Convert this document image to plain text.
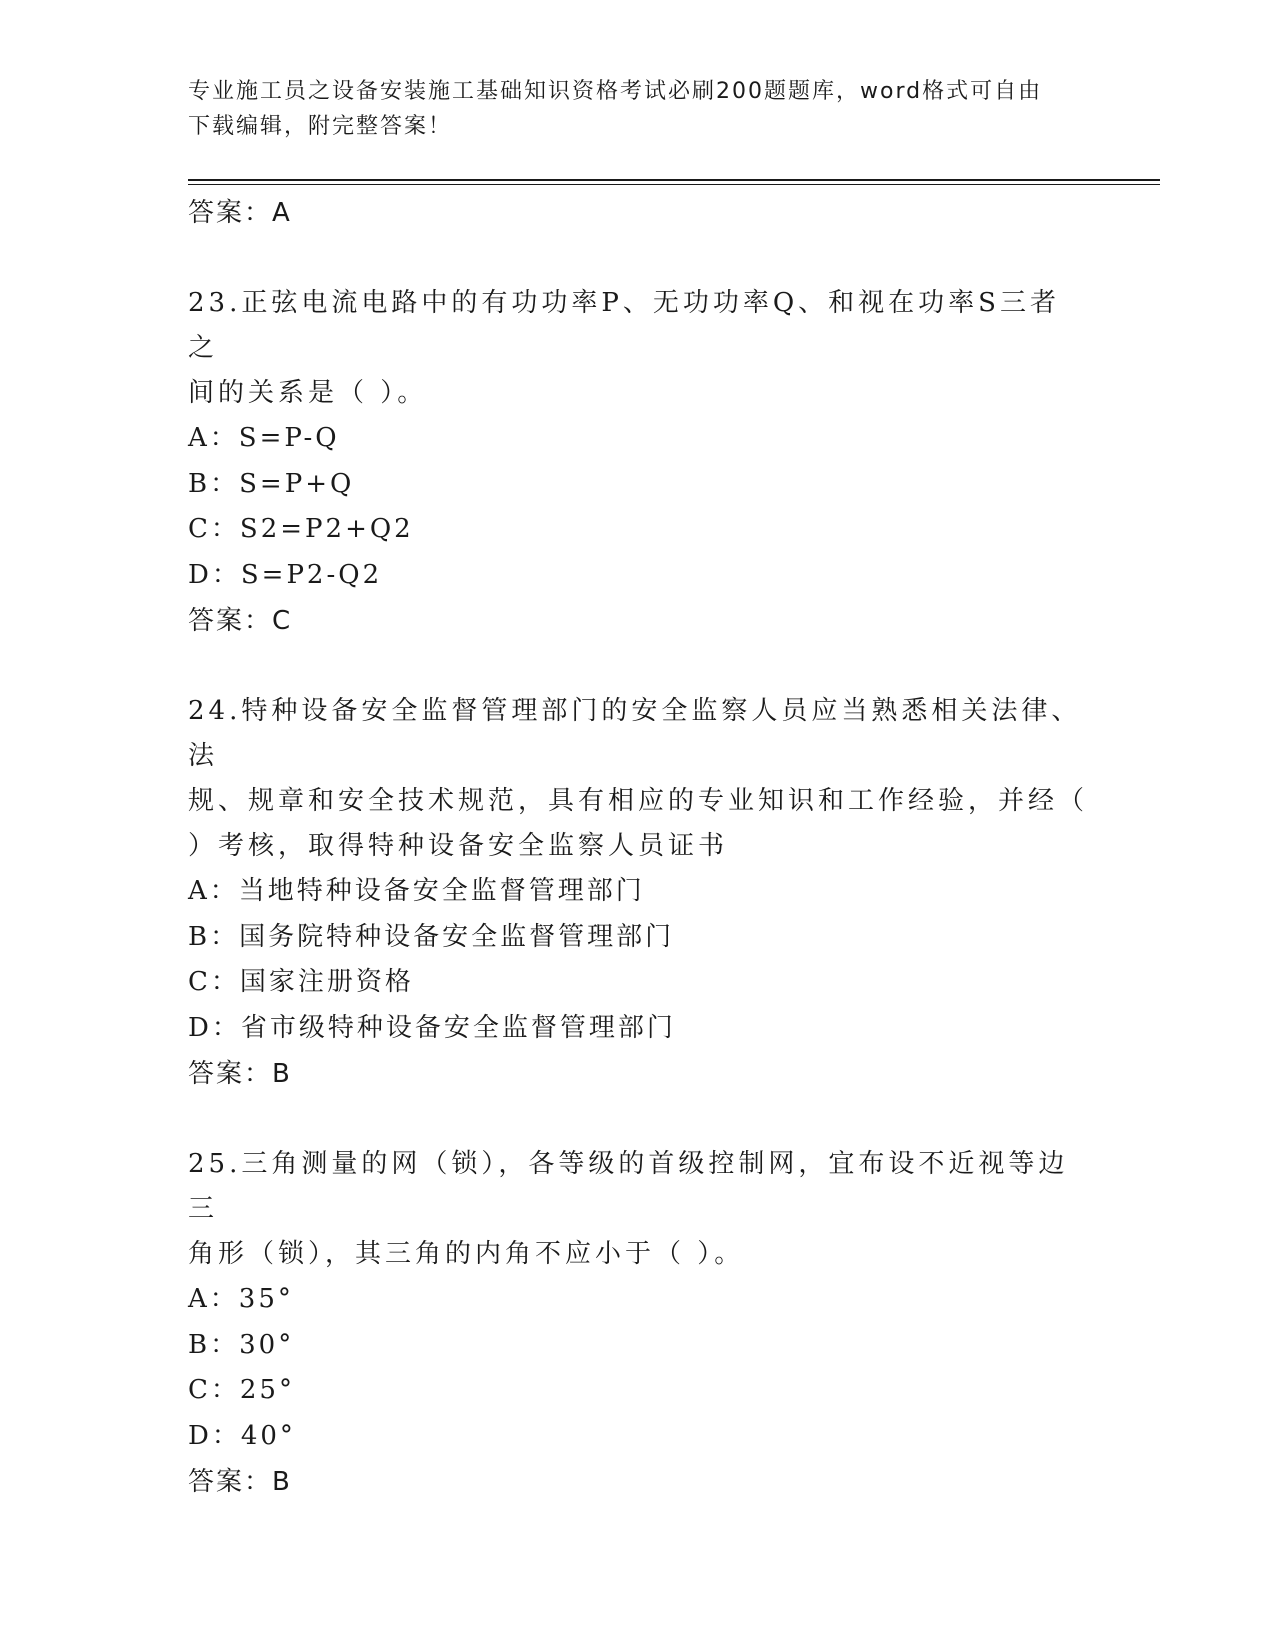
专业施工员之设备安装施工基础知识资格考试必刷200题题库，word格式可自由
下载编辑，附完整答案！
答案：A
23.正弦电流电路中的有功功率P、无功功率Q、和视在功率S三者之
间的关系是（ ）。
A：S=P-Q
B：S=P+Q
C：S2=P2+Q2
D：S=P2-Q2
答案：C
24.特种设备安全监督管理部门的安全监察人员应当熟悉相关法律、法
规、规章和安全技术规范，具有相应的专业知识和工作经验，并经（
）考核，取得特种设备安全监察人员证书
A：当地特种设备安全监督管理部门
B：国务院特种设备安全监督管理部门
C：国家注册资格
D：省市级特种设备安全监督管理部门
答案：B
25.三角测量的网（锁），各等级的首级控制网，宜布设不近视等边三
角形（锁），其三角的内角不应小于（ ）。
A：35°
B：30°
C：25°
D：40°
答案：B
